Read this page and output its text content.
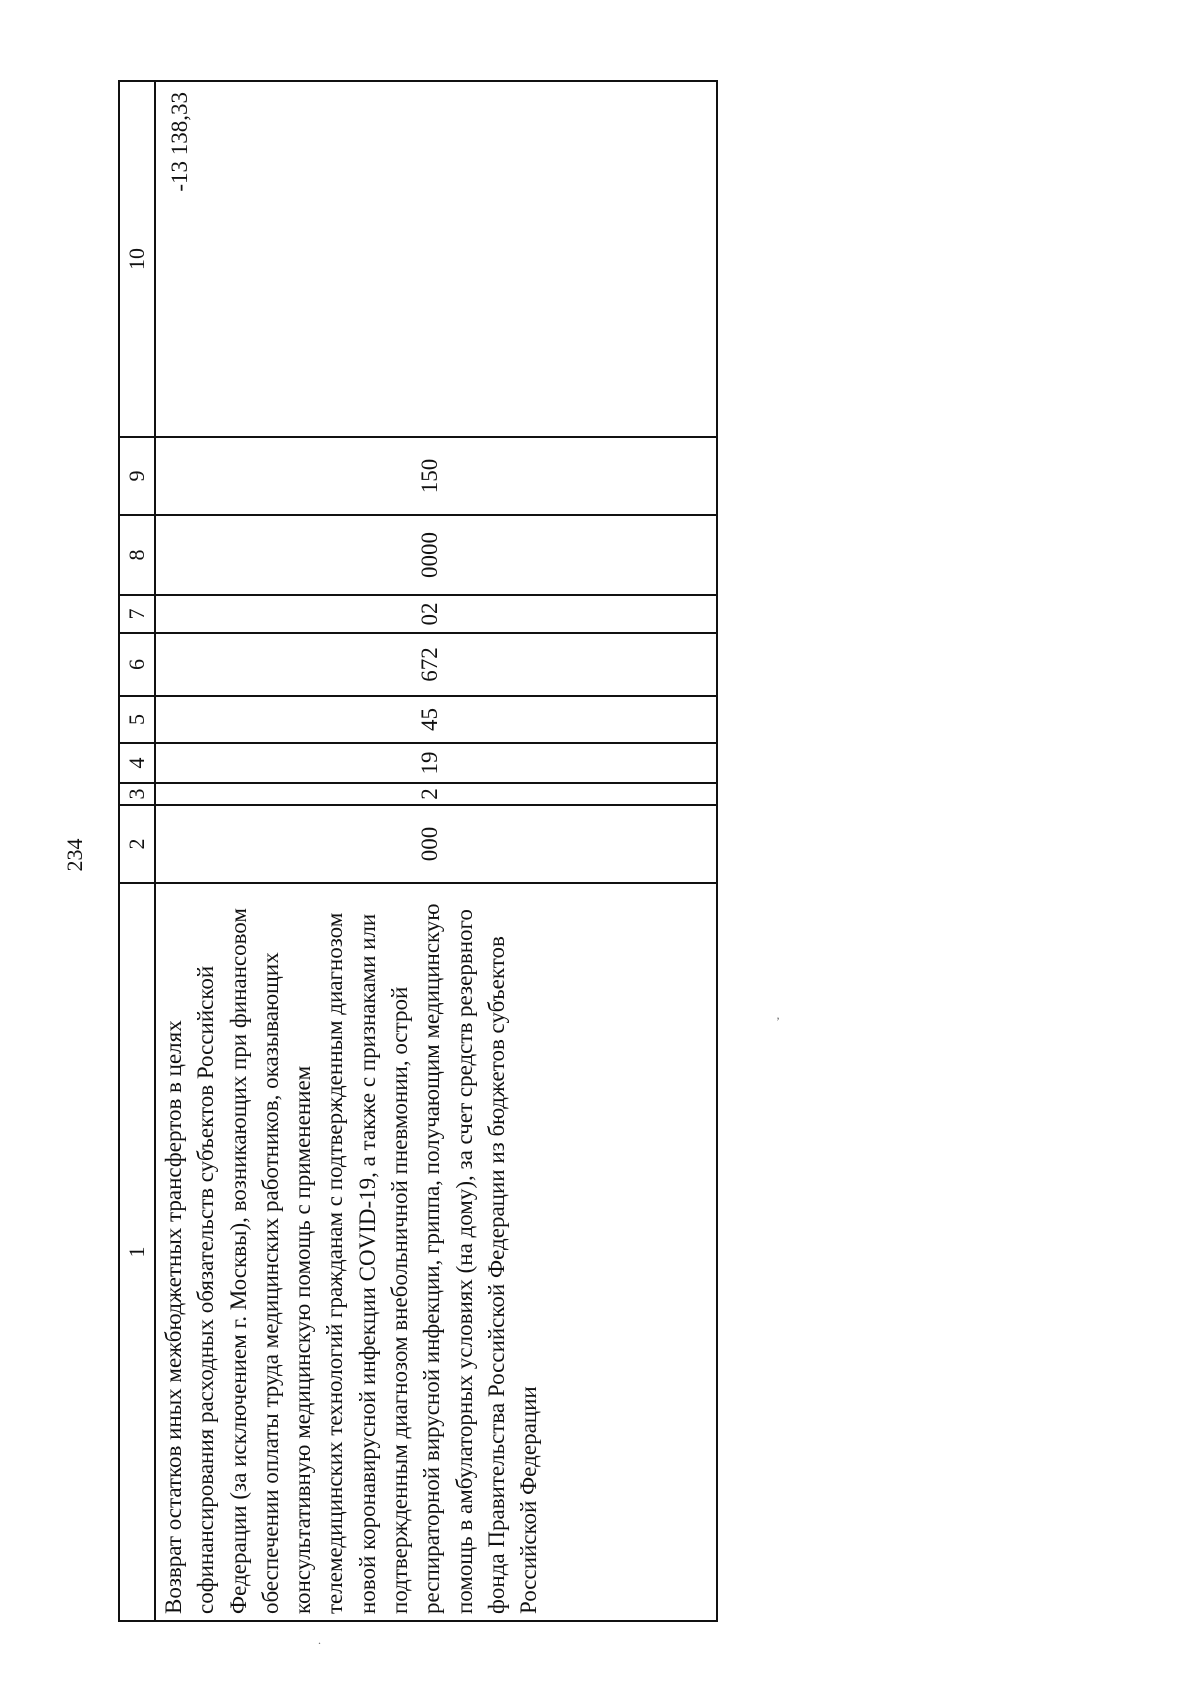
234
’
.
1	2	3	4	5	6	7	8	9	10

Возврат остатков иных межбюджетных трансфертов в целях софинансирования расходных обязательств субъектов Российской Федерации (за исключением г. Москвы), возникающих при финансовом обеспечении оплаты труда медицинских работников, оказывающих консультативную медицинскую помощь с применением телемедицинских технологий гражданам с подтвержденным диагнозом новой коронавирусной инфекции COVID-19, а также с признаками или подтвержденным диагнозом внебольничной пневмонии, острой респираторной вирусной инфекции, гриппа, получающим медицинскую помощь в амбулаторных условиях (на дому), за счет средств резервного фонда Правительства Российской Федерации из бюджетов субъектов Российской Федерации	000	2	19	45	672	02	0000	150	-13 138,33
